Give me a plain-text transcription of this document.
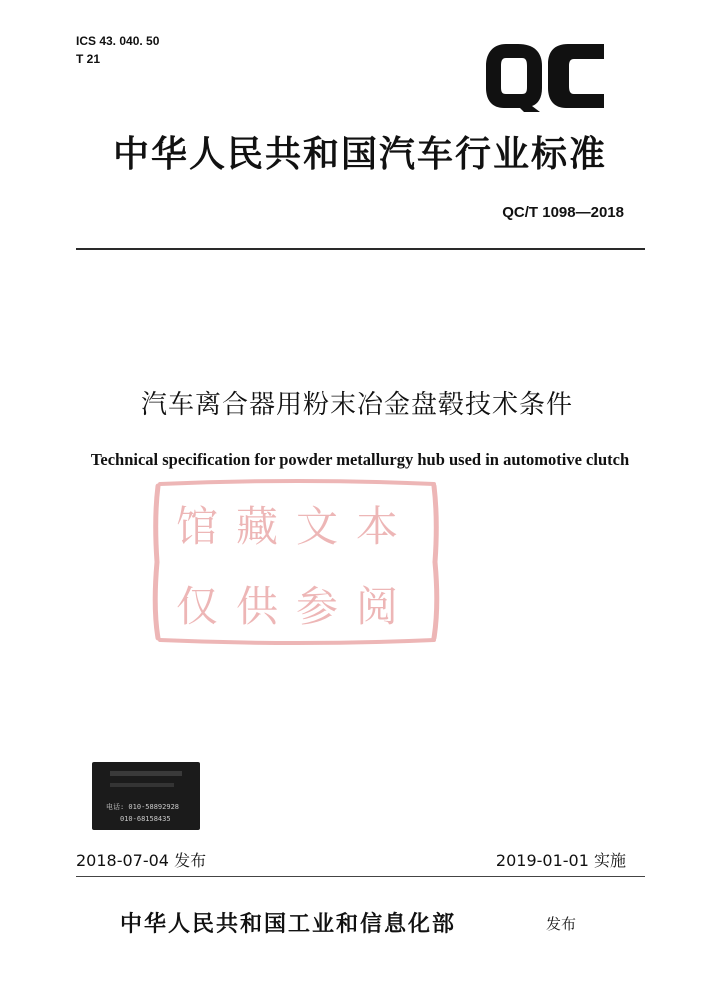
ICS 43. 040. 50
T 21
中华人民共和国汽车行业标准
QC/T 1098—2018
汽车离合器用粉末冶金盘毂技术条件
Technical specification for powder metallurgy hub used in automotive clutch
馆藏文本
仅供参阅
电话: 010-58892928
010-68158435
2018-07-04 发布	2019-01-01 实施
中华人民共和国工业和信息化部	发布
